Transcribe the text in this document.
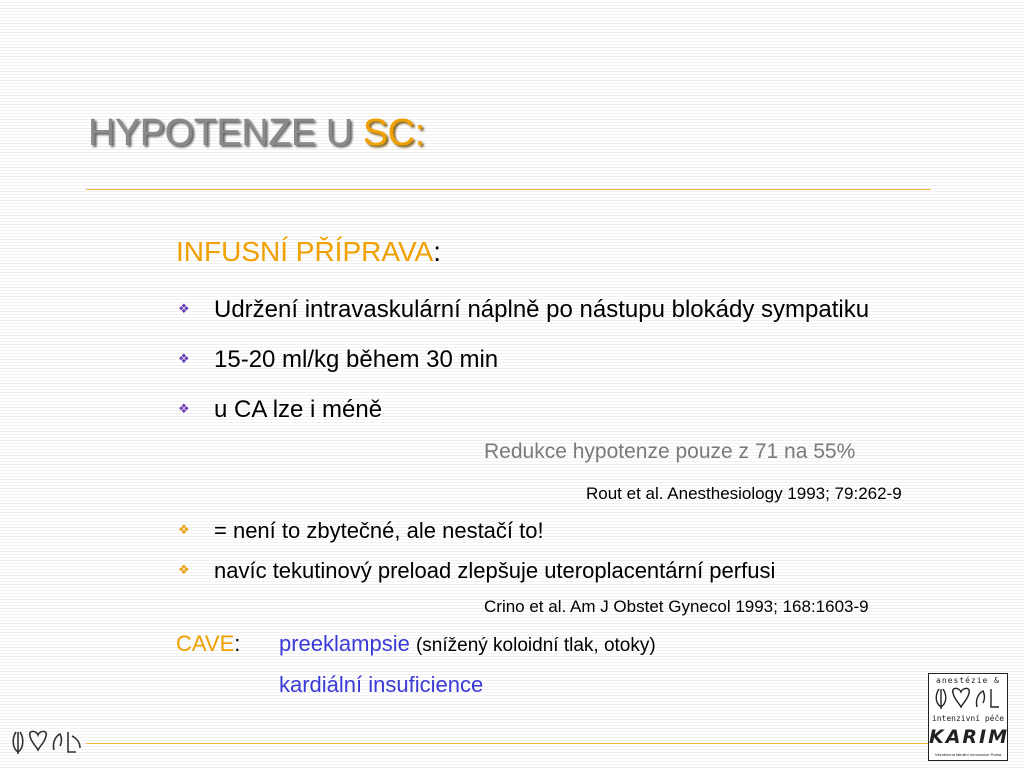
HYPOTENZE U SC:
INFUSNÍ PŘÍPRAVA:
❖ Udržení intravaskulární náplně po nástupu blokády sympatiku
❖ 15-20 ml/kg během 30 min
❖ u CA lze i méně
Redukce hypotenze pouze z 71 na 55%
Rout et al. Anesthesiology 1993; 79:262-9
❖ = není to zbytečné, ale nestačí to!
❖ navíc tekutinový preload zlepšuje uteroplacentární perfusi
Crino et al. Am J Obstet Gynecol 1993; 168:1603-9
CAVE: preeklampsie (snížený koloidní tlak, otoky)
kardiální insuficience	anestézie &
intenzivní péče
KARIM
Všeobecná fakultní nemocnice Praha
